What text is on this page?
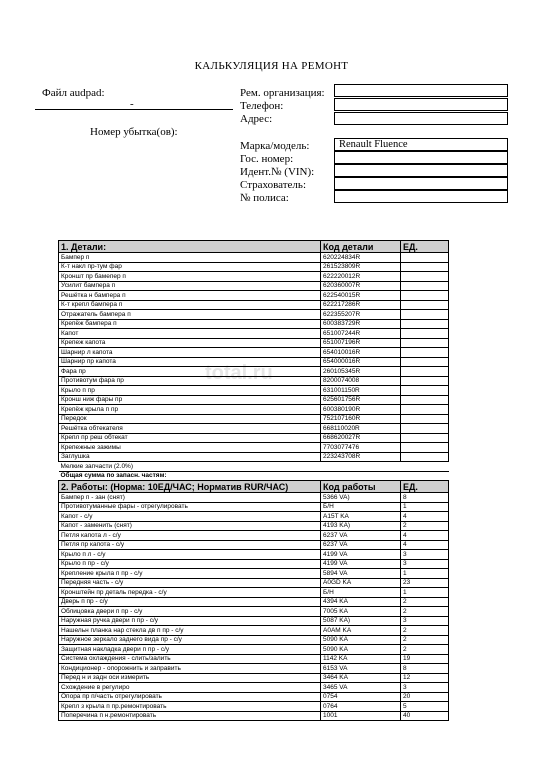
КАЛЬКУЛЯЦИЯ НА РЕМОНТ
Файл audpad:
-
Номер убытка(ов):
Рем. организация:
Телефон:
Адрес:
Марка/модель:	Renault Fluence
Гос. номер:
Идент.№ (VIN):
Страхователь:
№ полиса:
total.ru
1. Детали:	Код детали	ЕД.
Бампер п	620224834R	
К-т накл пр-тум фар	261523809R	
Кроншт пр бамепер п	622220012R	
Усилит бампера п	620360007R	
Решётка н бампера п	622540015R	
К-т крепл бампера п	622217286R	
Отражатель бампера п	622355207R	
Крепёж бампера п	600383729R	
Капот	651007244R	
Крепеж капота	651007196R	
Шарнир л капота	654010016R	
Шарнир пр капота	654000016R	
Фара пр	260105345R	
Противотум фара пр	8200074008	
Крыло п пр	631001150R	
Кронш ниж фары пр	625601756R	
Крепёж крыла п пр	600380190R	
Передок	752107160R	
Решётка обтекателя	668110020R	
Крепл пр реш обтекат	668620027R	
Крепежные зажимы	7703077476	
Заглушка	223243708R	
Мелкие запчасти (2.0%)		
Общая сумма по запасн. частям:		
2. Работы: (Норма: 10ЕД/ЧАС; Норматив RUR/ЧАС)	Код работы	ЕД.
Бампер п - зан (снят)	5366 VA)	8
Противотуманные фары - отрегулировать	Б/Н	1
Капот - с/у	A15T KA	4
Капот - заменить (снят)	4193 KA)	2
Петля капота л - с/у	6237 VA	4
Петля пр капота - с/у	6237 VA	4
Крыло п л - с/у	4199 VA	3
Крыло п пр - с/у	4199 VA	3
Крепление крыла п пр - с/у	5894 VA	1
Передняя часть - с/у	A0GD KA	23
Кронштейн пр деталь передка - с/у	Б/Н	1
Дверь п пр - с/у	4394 KA	2
Облицовка двери п пр - с/у	7005 KA	2
Наружная ручка двери п пр - с/у	5087 KA)	3
Нашельн планка нар стекла дв п пр - с/у	A0AM KA	2
Наружное зеркало заднего вида пр - с/у	5090 KA	2
Защитная накладка двери п пр - с/у	5090 KA	2
Система охлаждения - слить/залить	1142 KA	19
Кондиционер - опорожнить и заправить	6153 VA	8
Перед н и задн оси измерить	3464 KA	12
Схождение в регулиро	3465 VA	3
Опора пр п/часть отрегулировать	0754	20
Крепл з крыла п пр.ремонтировать	0764	5
Поперечина п н.ремонтировать	1001	40
